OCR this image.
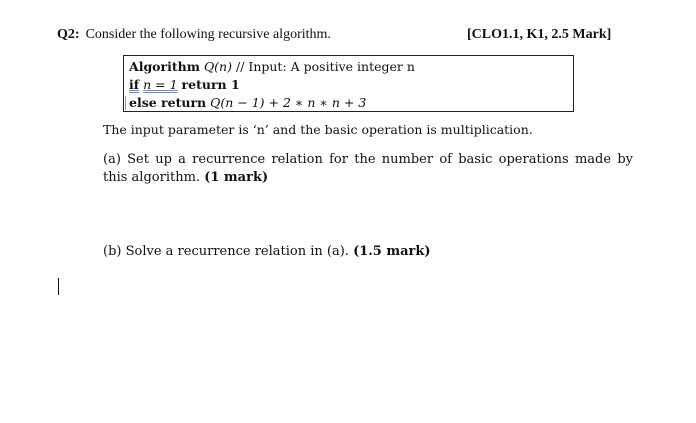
Q2: Consider the following recursive algorithm.	[CLO1.1, K1, 2.5 Mark]
Algorithm Q(n) // Input: A positive integer n
if n = 1 return 1
else return Q(n − 1) + 2 ∗ n ∗ n + 3
The input parameter is ‘n’ and the basic operation is multiplication.
(a) Set up a recurrence relation for the number of basic operations made by this algorithm. (1 mark)
(b) Solve a recurrence relation in (a). (1.5 mark)
